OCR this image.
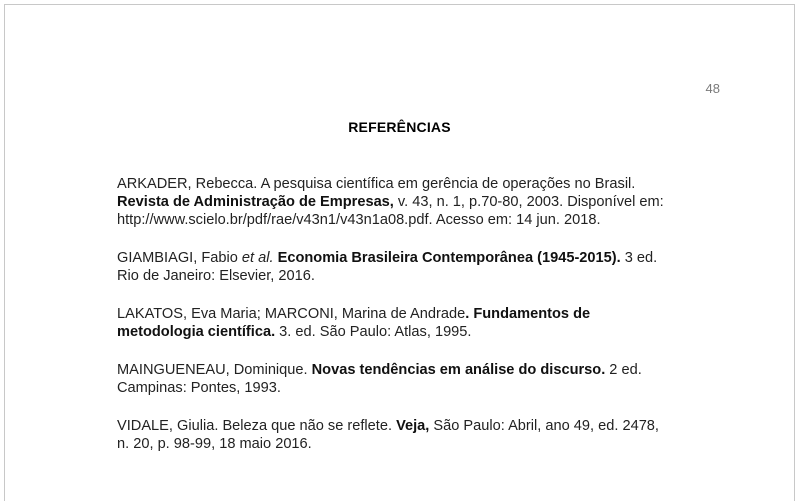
48
REFERÊNCIAS
ARKADER, Rebecca. A pesquisa científica em gerência de operações no Brasil.
Revista de Administração de Empresas, v. 43, n. 1, p.70-80, 2003. Disponível em:
http://www.scielo.br/pdf/rae/v43n1/v43n1a08.pdf. Acesso em: 14 jun. 2018.
GIAMBIAGI, Fabio et al. Economia Brasileira Contemporânea (1945-2015). 3 ed.
Rio de Janeiro: Elsevier, 2016.
LAKATOS, Eva Maria; MARCONI, Marina de Andrade. Fundamentos de
metodologia científica. 3. ed. São Paulo: Atlas, 1995.
MAINGUENEAU, Dominique. Novas tendências em análise do discurso. 2 ed.
Campinas: Pontes, 1993.
VIDALE, Giulia. Beleza que não se reflete. Veja, São Paulo: Abril, ano 49, ed. 2478,
n. 20, p. 98-99, 18 maio 2016.
